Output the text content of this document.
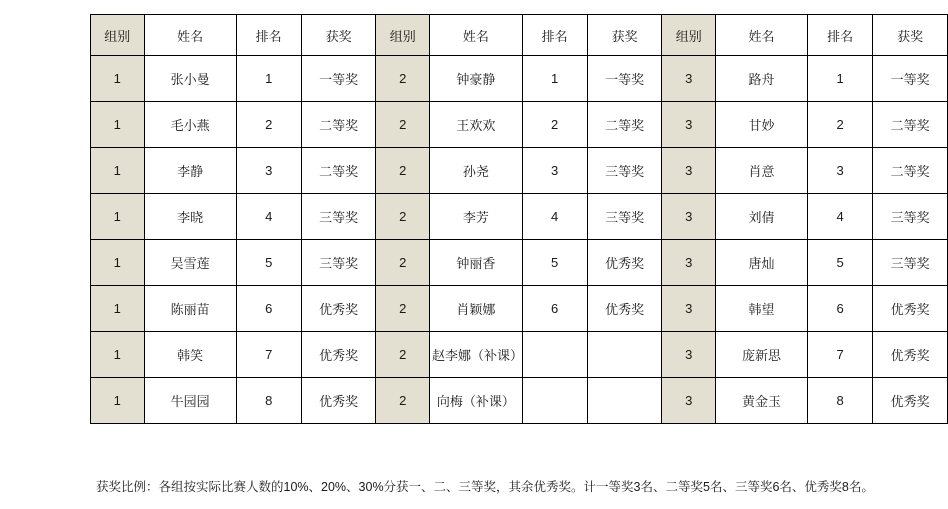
组别	姓名	排名	获奖	组别	姓名	排名	获奖	组别	姓名	排名	获奖
1	张小曼	1	一等奖	2	钟豪静	1	一等奖	3	路舟	1	一等奖
1	毛小燕	2	二等奖	2	王欢欢	2	二等奖	3	甘妙	2	二等奖
1	李静	3	二等奖	2	孙尧	3	三等奖	3	肖意	3	二等奖
1	李晓	4	三等奖	2	李芳	4	三等奖	3	刘倩	4	三等奖
1	吴雪莲	5	三等奖	2	钟丽香	5	优秀奖	3	唐灿	5	三等奖
1	陈丽苗	6	优秀奖	2	肖颖娜	6	优秀奖	3	韩望	6	优秀奖
1	韩笑	7	优秀奖	2	赵李娜（补课）			3	庞新思	7	优秀奖
1	牛园园	8	优秀奖	2	向梅（补课）			3	黄金玉	8	优秀奖
获奖比例：各组按实际比赛人数的10%、20%、30%分获一、二、三等奖，其余优秀奖。计一等奖3名、二等奖5名、三等奖6名、优秀奖8名。
